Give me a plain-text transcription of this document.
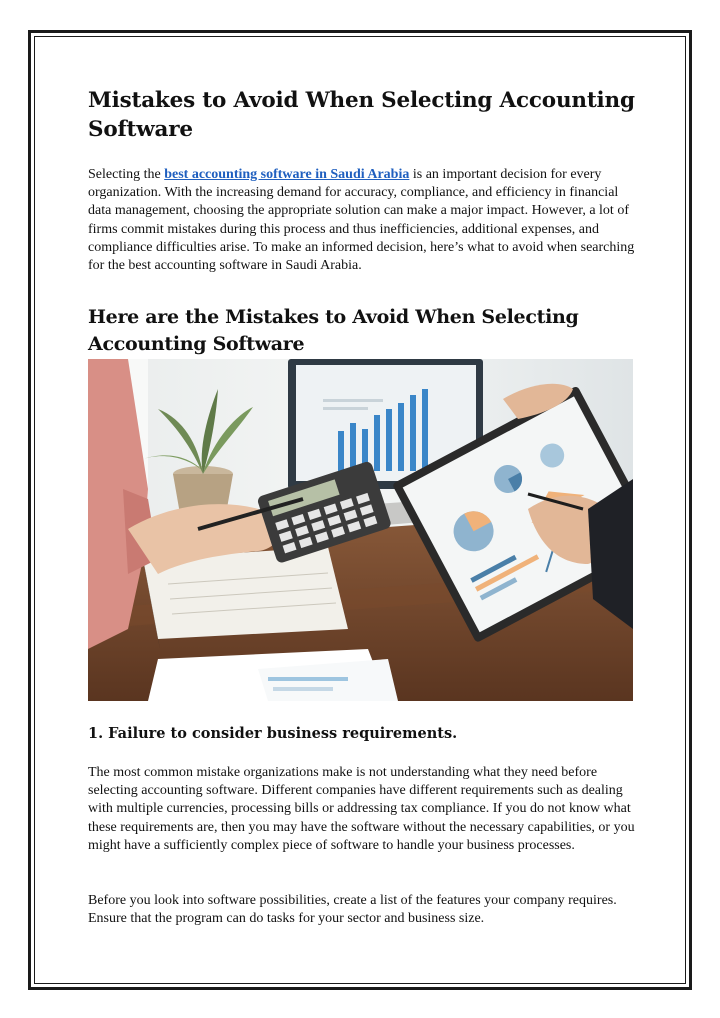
Mistakes to Avoid When Selecting Accounting Software

Selecting the best accounting software in Saudi Arabia is an important decision for every organization. With the increasing demand for accuracy, compliance, and efficiency in financial data management, choosing the appropriate solution can make a major impact. However, a lot of firms commit mistakes during this process and thus inefficiencies, additional expenses, and compliance difficulties arise. To make an informed decision, here’s what to avoid when searching for the best accounting software in Saudi Arabia.

Here are the Mistakes to Avoid When Selecting Accounting Software
1. Failure to consider business requirements.

The most common mistake organizations make is not understanding what they need before selecting accounting software. Different companies have different requirements such as dealing with multiple currencies, processing bills or addressing tax compliance. If you do not know what these requirements are, then you may have the software without the necessary capabilities, or you might have a sufficiently complex piece of software to handle your business processes.

Before you look into software possibilities, create a list of the features your company requires. Ensure that the program can do tasks for your sector and business size.
